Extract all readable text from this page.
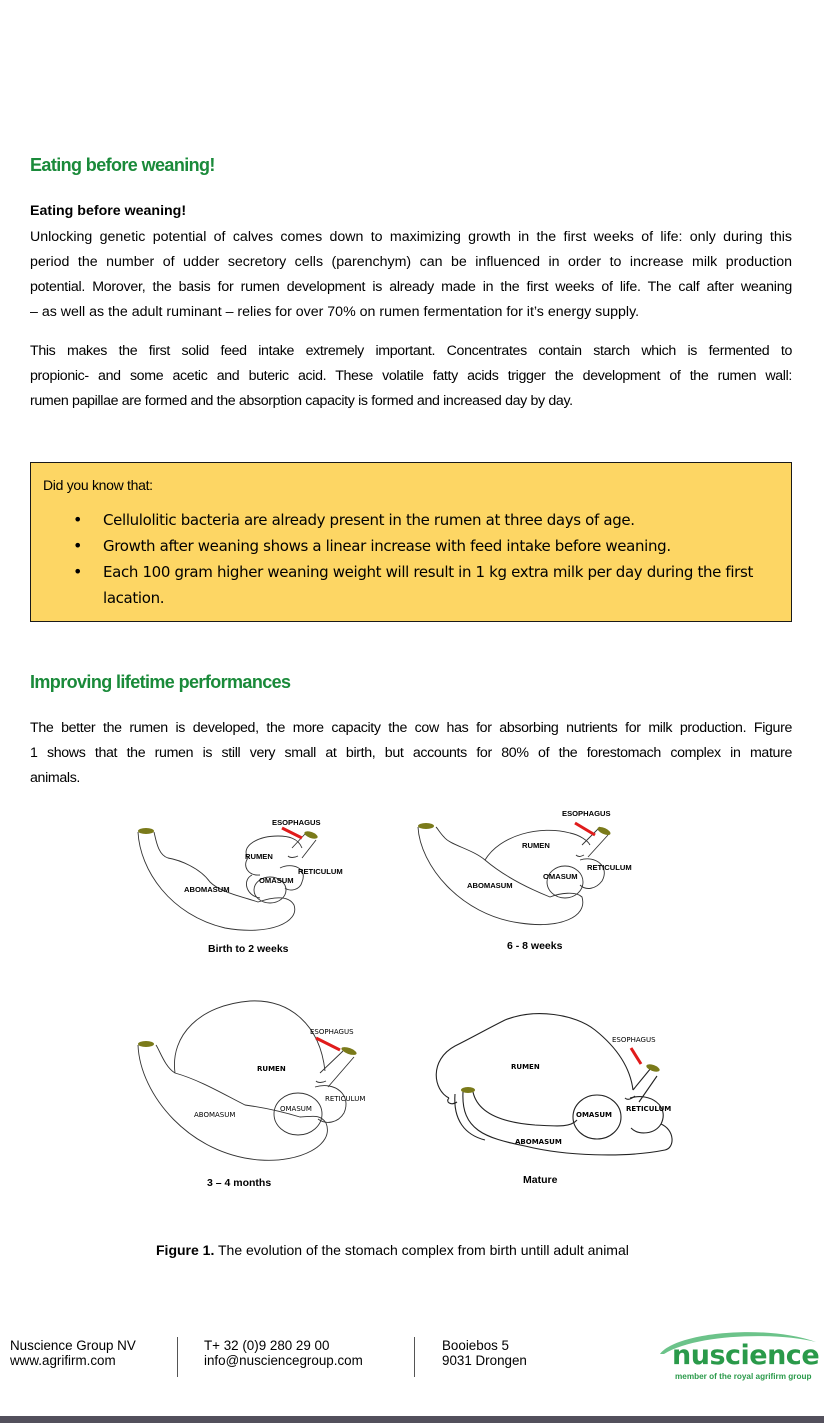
Eating before weaning!
Eating before weaning!
Unlocking genetic potential of calves comes down to maximizing growth in the first weeks of life: only during this
period the number of udder secretory cells (parenchym) can be influenced in order to increase milk production
potential. Morover, the basis for rumen development is already made in the first weeks of life. The calf after weaning
– as well as the adult ruminant – relies for over 70% on rumen fermentation for it’s energy supply.
This makes the first solid feed intake extremely important. Concentrates contain starch which is fermented to
propionic- and some acetic and buteric acid. These volatile fatty acids trigger the development of the rumen wall:
rumen papillae are formed and the absorption capacity is formed and increased day by day.
Did you know that:
• Cellulolitic bacteria are already present in the rumen at three days of age.
• Growth after weaning shows a linear increase with feed intake before weaning.
• Each 100 gram higher weaning weight will result in 1 kg extra milk per day during the first lacation.
Improving lifetime performances
The better the rumen is developed, the more capacity the cow has for absorbing nutrients for milk production. Figure
1 shows that the rumen is still very small at birth, but accounts for 80% of the forestomach complex in mature
animals.
ESOPHAGUS
RUMEN
RETICULUM
OMASUM
ABOMASUM
Birth to 2 weeks
ESOPHAGUS
RUMEN
RETICULUM
OMASUM
ABOMASUM
6 - 8 weeks
ESOPHAGUS
RUMEN
RETICULUM
OMASUM
ABOMASUM
3 – 4 months
ESOPHAGUS
RUMEN
RETICULUM
OMASUM
ABOMASUM
Mature
Figure 1. The evolution of the stomach complex from birth untill adult animal
Nuscience Group NV
www.agrifirm.com
T+ 32 (0)9 280 29 00
info@nusciencegroup.com
Booiebos 5
9031 Drongen	nuscience
member of the royal agrifirm group
